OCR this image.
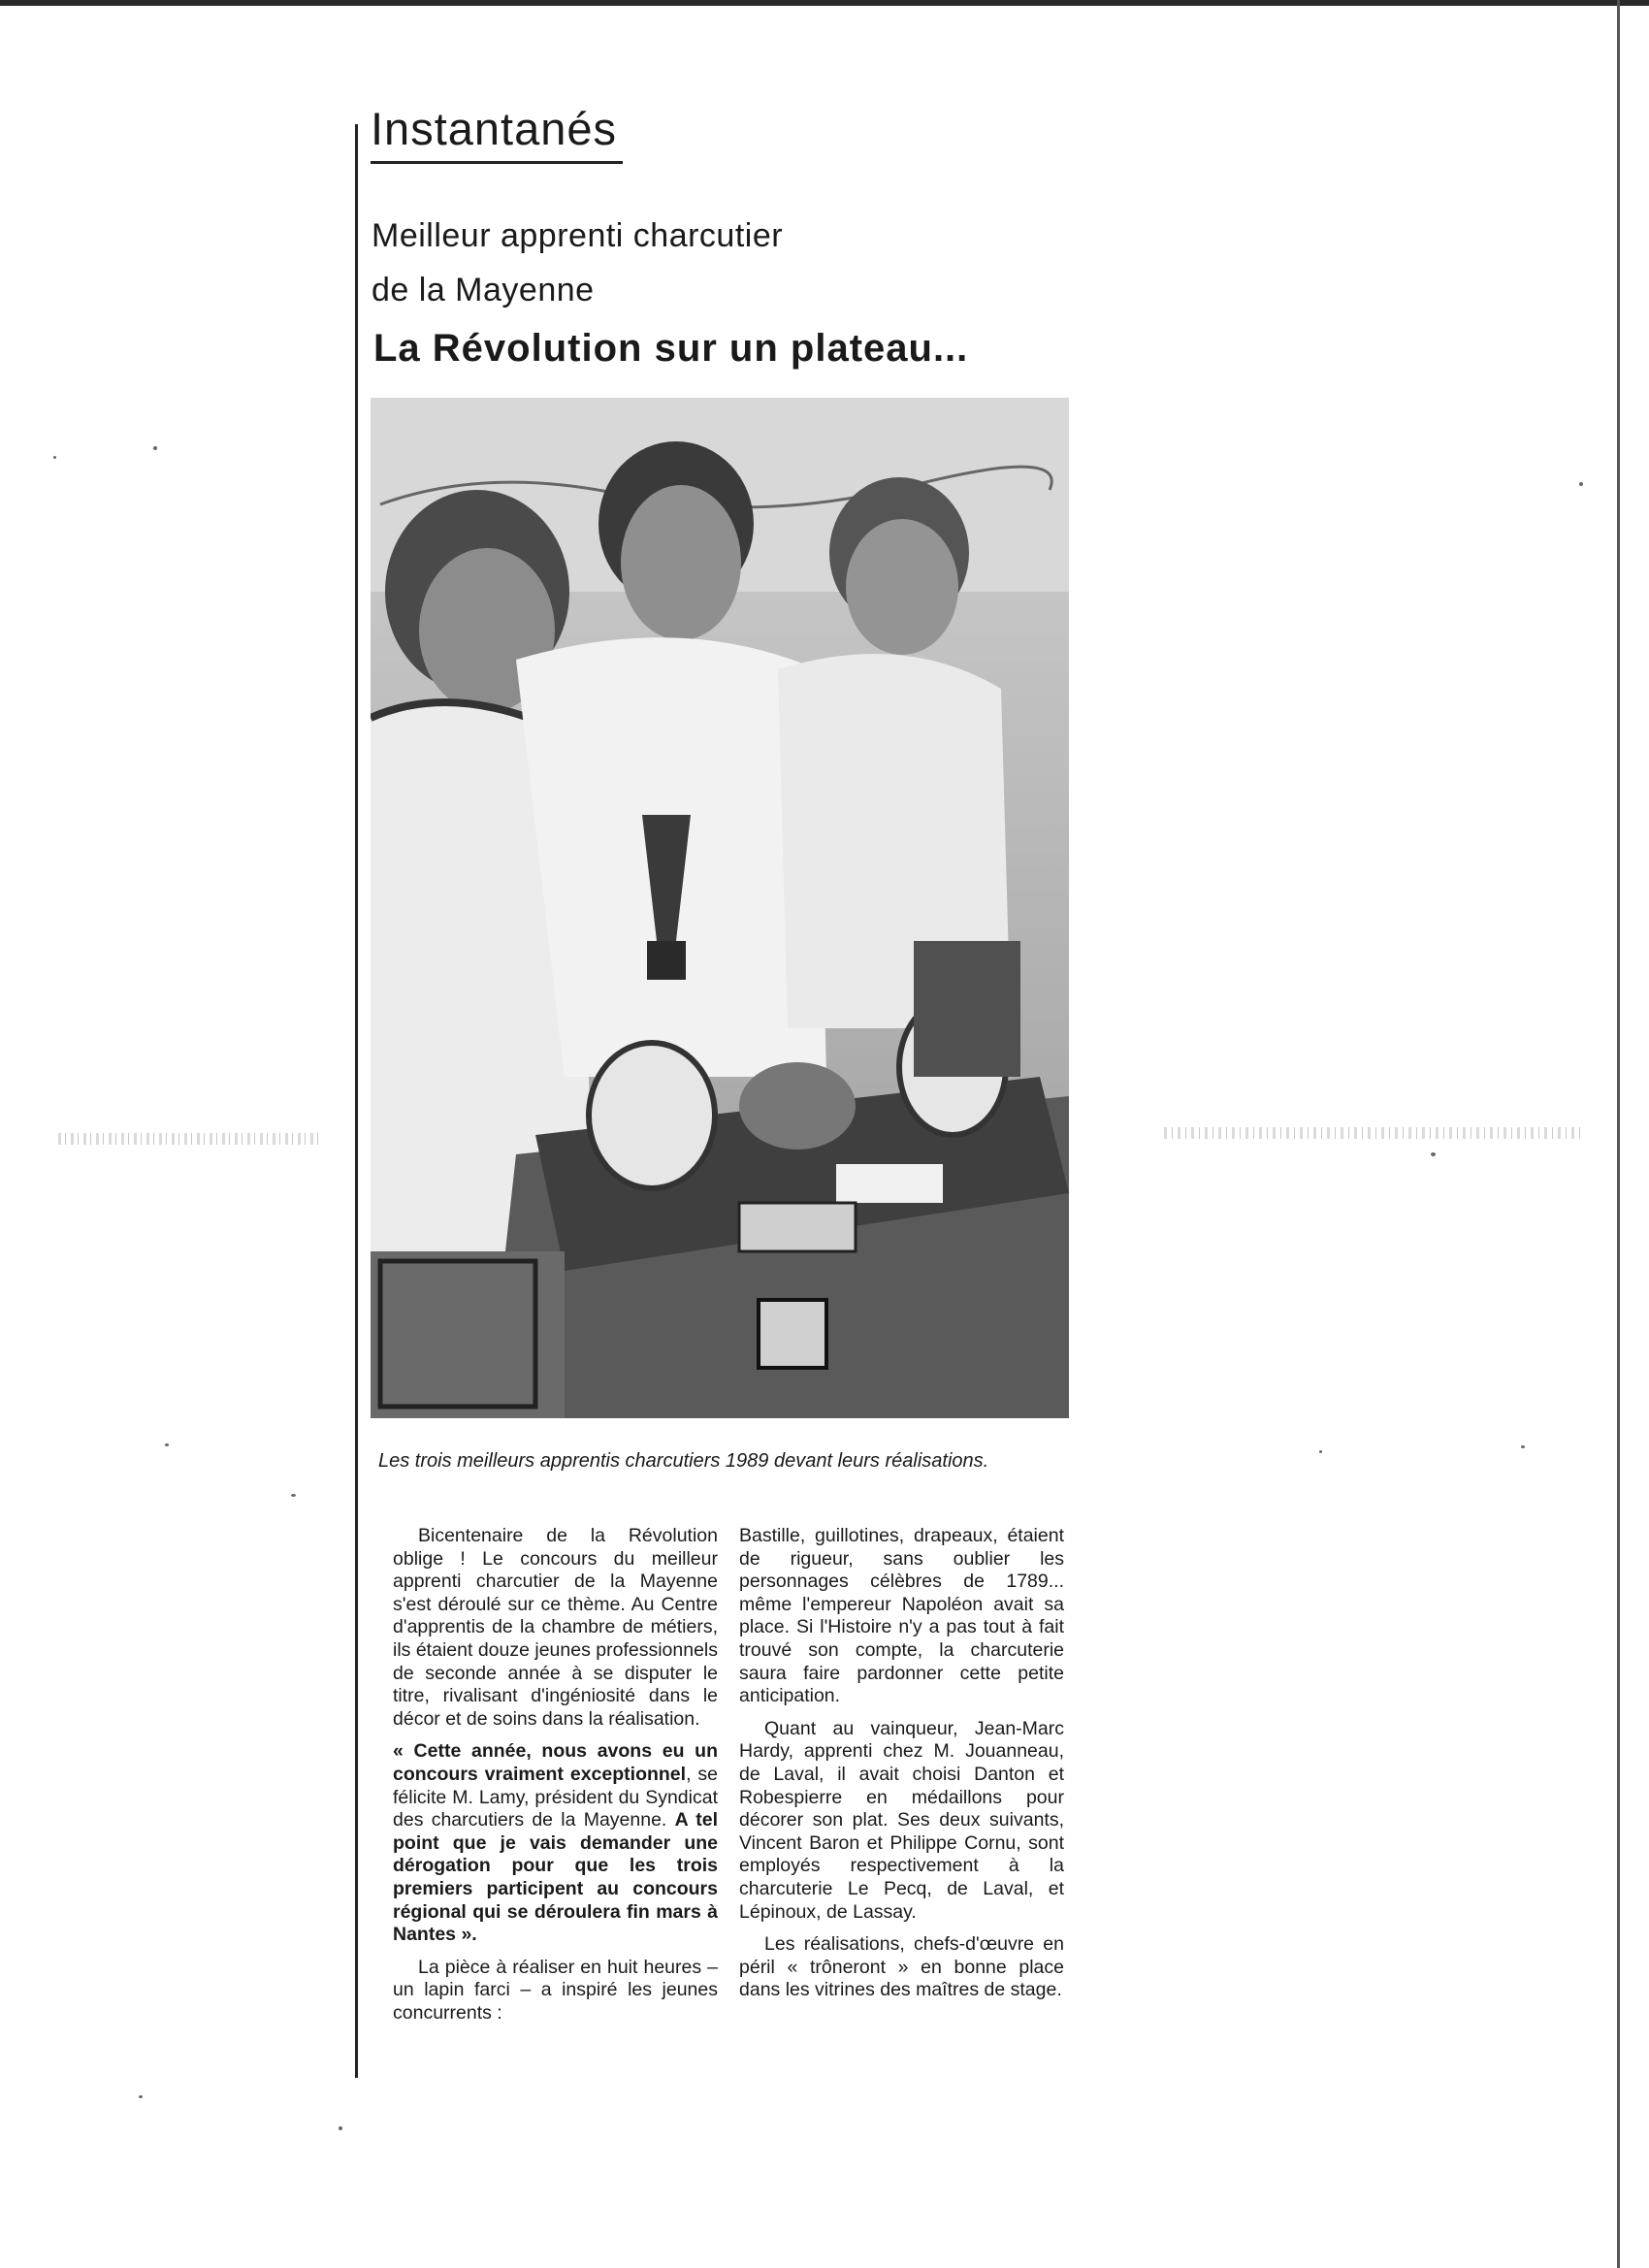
Instantanés
Meilleur apprenti charcutier
de la Mayenne
La Révolution sur un plateau...
Les trois meilleurs apprentis charcutiers 1989 devant leurs réalisations.

Bicentenaire de la Révolution oblige ! Le concours du meilleur apprenti charcutier de la Mayenne s'est déroulé sur ce thème. Au Centre d'apprentis de la chambre de métiers, ils étaient douze jeunes professionnels de seconde année à se disputer le titre, rivalisant d'ingéniosité dans le décor et de soins dans la réalisation.

« Cette année, nous avons eu un concours vraiment exceptionnel, se félicite M. Lamy, président du Syndicat des charcutiers de la Mayenne. A tel point que je vais demander une dérogation pour que les trois premiers participent au concours régional qui se déroulera fin mars à Nantes ».

La pièce à réaliser en huit heures – un lapin farci – a inspiré les jeunes concurrents :

Bastille, guillotines, drapeaux, étaient de rigueur, sans oublier les personnages célèbres de 1789... même l'empereur Napoléon avait sa place. Si l'Histoire n'y a pas tout à fait trouvé son compte, la charcuterie saura faire pardonner cette petite anticipation.

Quant au vainqueur, Jean-Marc Hardy, apprenti chez M. Jouanneau, de Laval, il avait choisi Danton et Robespierre en médaillons pour décorer son plat. Ses deux suivants, Vincent Baron et Philippe Cornu, sont employés respectivement à la charcuterie Le Pecq, de Laval, et Lépinoux, de Lassay.

Les réalisations, chefs-d'œuvre en péril « trôneront » en bonne place dans les vitrines des maîtres de stage.
